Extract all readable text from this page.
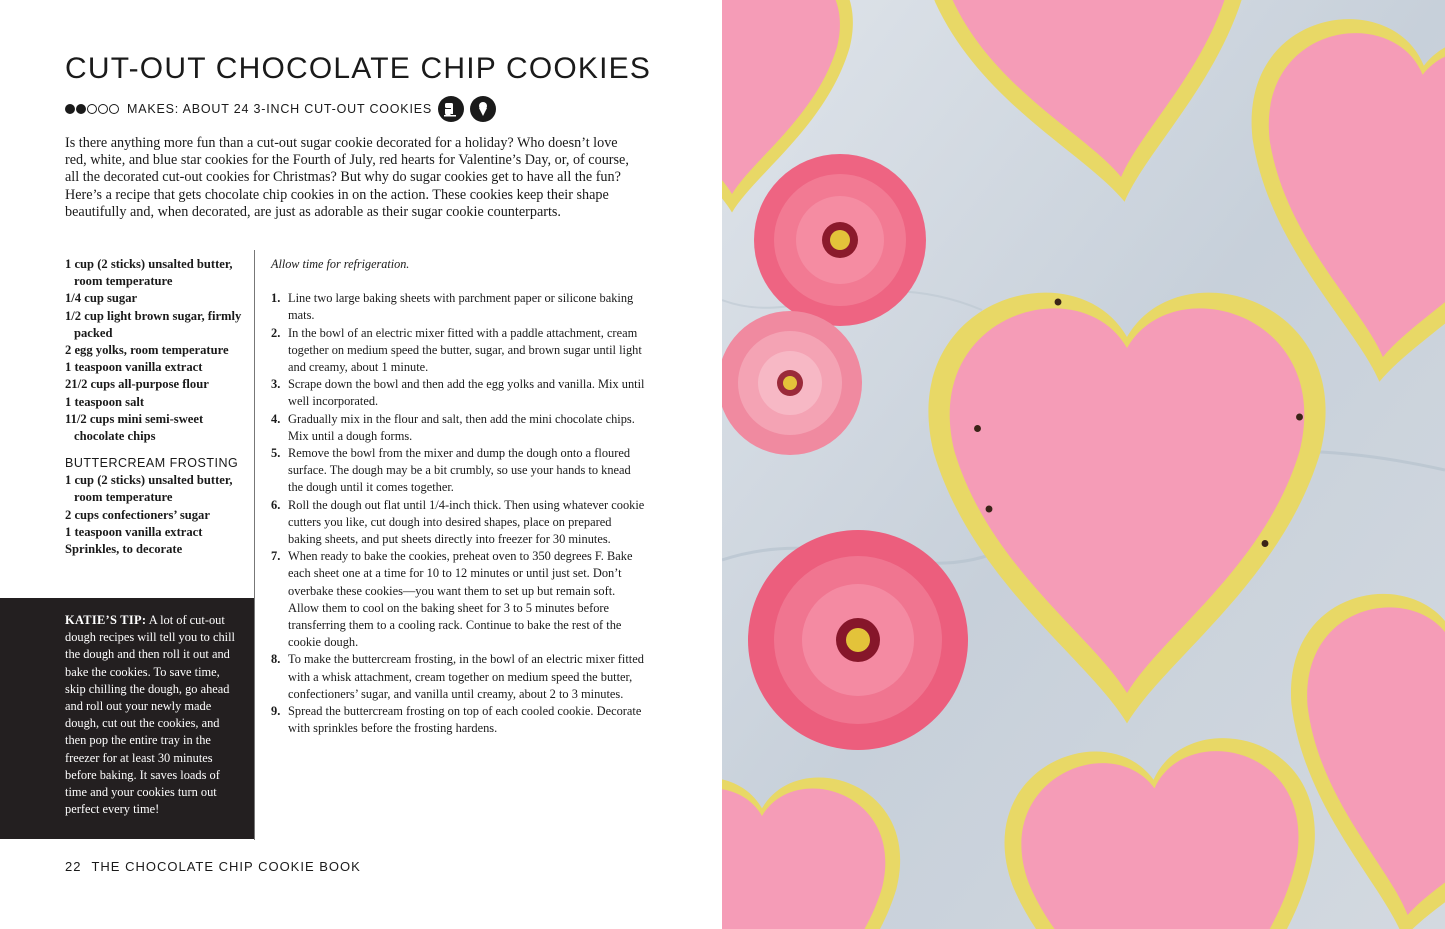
CUT-OUT CHOCOLATE CHIP COOKIES
MAKES: ABOUT 24 3-INCH CUT-OUT COOKIES

Is there anything more fun than a cut-out sugar cookie decorated for a holiday? Who doesn’t love red, white, and blue star cookies for the Fourth of July, red hearts for Valentine’s Day, or, of course, all the decorated cut-out cookies for Christmas? But why do sugar cookies get to have all the fun? Here’s a recipe that gets chocolate chip cookies in on the action. These cookies keep their shape beautifully and, when decorated, are just as adorable as their sugar cookie counterparts.

1 cup (2 sticks) unsalted butter, room temperature
1/4 cup sugar
1/2 cup light brown sugar, firmly packed
2 egg yolks, room temperature
1 teaspoon vanilla extract
21/2 cups all-purpose flour
1 teaspoon salt
11/2 cups mini semi-sweet chocolate chips
BUTTERCREAM FROSTING
1 cup (2 sticks) unsalted butter, room temperature
2 cups confectioners’ sugar
1 teaspoon vanilla extract
Sprinkles, to decorate
KATIE’S TIP: A lot of cut-out dough recipes will tell you to chill the dough and then roll it out and bake the cookies. To save time, skip chilling the dough, go ahead and roll out your newly made dough, cut out the cookies, and then pop the entire tray in the freezer for at least 30 minutes before baking. It saves loads of time and your cookies turn out perfect every time!
Allow time for refrigeration.
1. Line two large baking sheets with parchment paper or silicone baking mats.
2. In the bowl of an electric mixer fitted with a paddle attachment, cream together on medium speed the butter, sugar, and brown sugar until light and creamy, about 1 minute.
3. Scrape down the bowl and then add the egg yolks and vanilla. Mix until well incorporated.
4. Gradually mix in the flour and salt, then add the mini chocolate chips. Mix until a dough forms.
5. Remove the bowl from the mixer and dump the dough onto a floured surface. The dough may be a bit crumbly, so use your hands to knead the dough until it comes together.
6. Roll the dough out flat until 1/4-inch thick. Then using whatever cookie cutters you like, cut dough into desired shapes, place on prepared baking sheets, and put sheets directly into freezer for 30 minutes.
7. When ready to bake the cookies, preheat oven to 350 degrees F. Bake each sheet one at a time for 10 to 12 minutes or until just set. Don’t overbake these cookies—you want them to set up but remain soft. Allow them to cool on the baking sheet for 3 to 5 minutes before transferring them to a cooling rack. Continue to bake the rest of the cookie dough.
8. To make the buttercream frosting, in the bowl of an electric mixer fitted with a whisk attachment, cream together on medium speed the butter, confectioners’ sugar, and vanilla until creamy, about 2 to 3 minutes.
9. Spread the buttercream frosting on top of each cooled cookie. Decorate with sprinkles before the frosting hardens.
22 THE CHOCOLATE CHIP COOKIE BOOK
